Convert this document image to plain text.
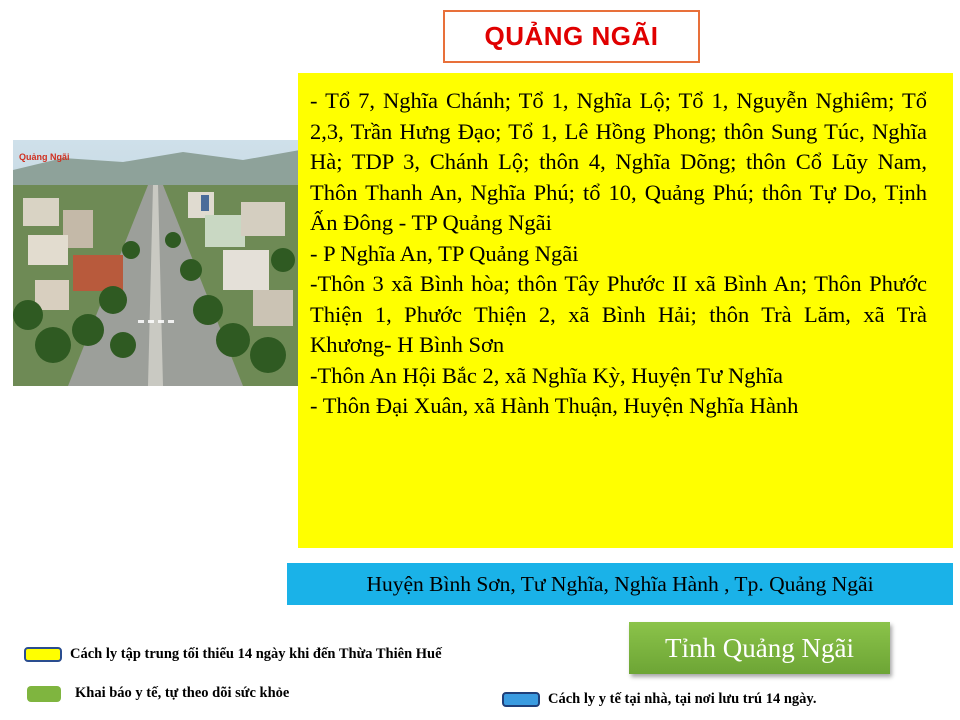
QUẢNG NGÃI
Quảng Ngãi

- Tổ 7, Nghĩa Chánh; Tổ 1, Nghĩa Lộ; Tổ 1, Nguyễn Nghiêm; Tổ 2,3, Trần Hưng Đạo; Tổ 1, Lê Hồng Phong; thôn Sung Túc, Nghĩa Hà; TDP 3, Chánh Lộ; thôn 4, Nghĩa Dõng; thôn Cổ Lũy Nam, Thôn Thanh An, Nghĩa Phú; tổ 10, Quảng Phú; thôn Tự Do, Tịnh Ấn Đông - TP Quảng Ngãi

- P Nghĩa An, TP Quảng Ngãi

-Thôn 3 xã Bình hòa; thôn Tây Phước II xã Bình An; Thôn Phước Thiện 1, Phước Thiện 2, xã Bình Hải; thôn Trà Lăm, xã Trà Khương- H Bình Sơn

-Thôn An Hội Bắc 2, xã Nghĩa Kỳ, Huyện Tư Nghĩa

- Thôn Đại Xuân, xã Hành Thuận, Huyện Nghĩa Hành

Huyện Bình Sơn, Tư Nghĩa, Nghĩa Hành , Tp. Quảng Ngãi
Tỉnh Quảng Ngãi
Cách ly tập trung tối thiểu 14 ngày khi đến Thừa Thiên Huế
Khai báo y tế, tự theo dõi sức khỏe	Cách ly y tế tại nhà, tại nơi lưu trú 14 ngày.
